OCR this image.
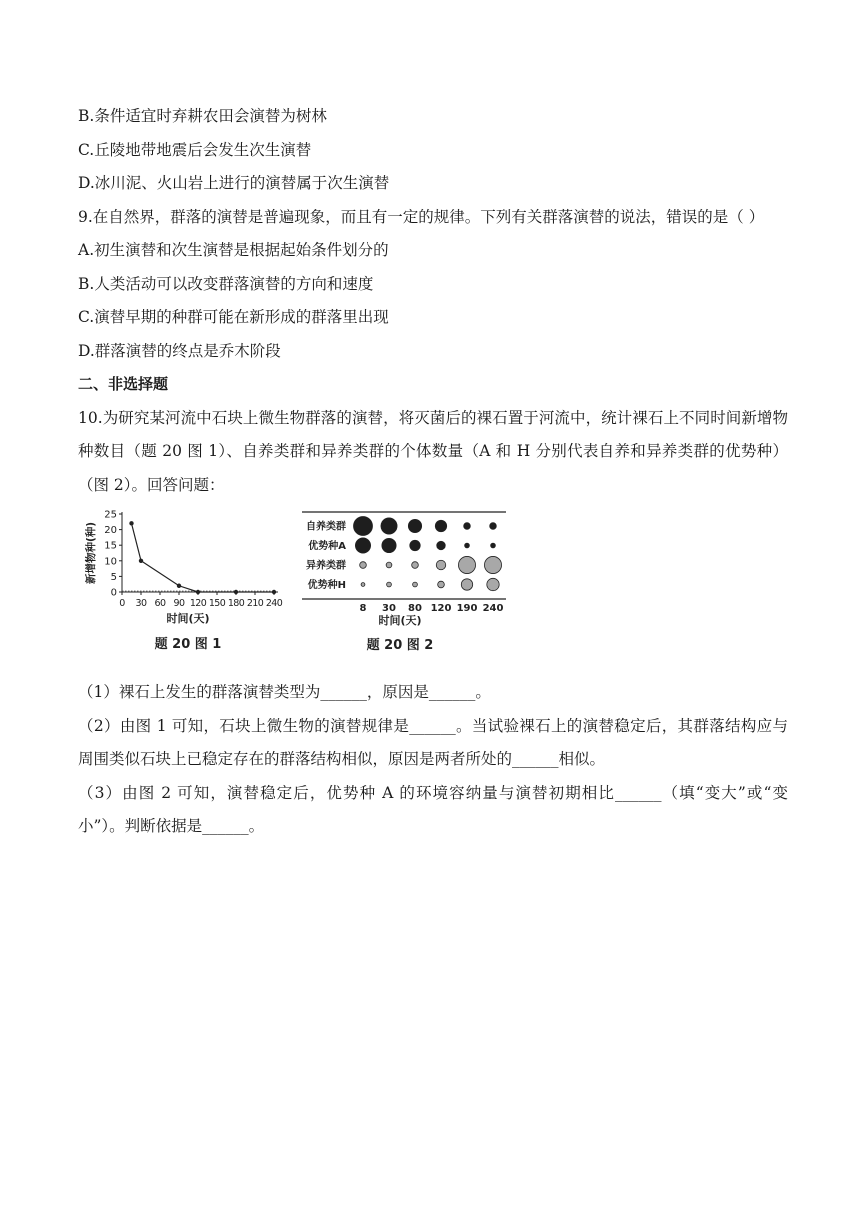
B.条件适宜时弃耕农田会演替为树林
C.丘陵地带地震后会发生次生演替
D.冰川泥、火山岩上进行的演替属于次生演替
9.在自然界，群落的演替是普遍现象，而且有一定的规律。下列有关群落演替的说法，错误的是（ ）
A.初生演替和次生演替是根据起始条件划分的
B.人类活动可以改变群落演替的方向和速度
C.演替早期的种群可能在新形成的群落里出现
D.群落演替的终点是乔木阶段
二、非选择题
10.为研究某河流中石块上微生物群落的演替，将灭菌后的裸石置于河流中，统计裸石上不同时间新增物种数目（题 20 图 1）、自养类群和异养类群的个体数量（A 和 H 分别代表自养和异养类群的优势种）（图 2）。回答问题：
0
5
10
15
20
25
0 30 60 90 120 150 180 210 240
新增物种(种)
时间(天)
题 20 图 1
自养类群
优势种A
异养类群
优势种H
8 30 80 120 190 240
时间(天)
题 20 图 2
（1）裸石上发生的群落演替类型为______，原因是______。
（2）由图 1 可知，石块上微生物的演替规律是______。当试验裸石上的演替稳定后，其群落结构应与周围类似石块上已稳定存在的群落结构相似，原因是两者所处的______相似。
（3）由图 2 可知，演替稳定后，优势种 A 的环境容纳量与演替初期相比______（填“变大”或“变小”）。判断依据是______。
